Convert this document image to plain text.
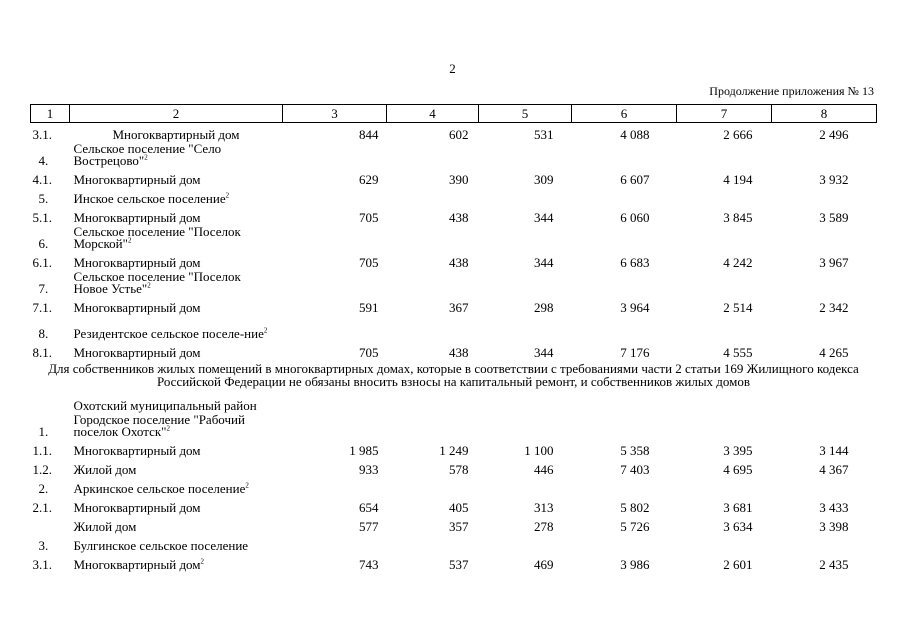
2
Продолжение приложения № 13
1	2	3	4	5	6	7	8
3.1.	Многоквартирный дом	844	602	531	4 088	2 666	2 496
4.	Сельское поселение "Село Вострецово"$^2$						
4.1.	Многоквартирный дом	629	390	309	6 607	4 194	3 932
5.	Инское сельское поселение$^2$						
5.1.	Многоквартирный дом	705	438	344	6 060	3 845	3 589
6.	Сельское поселение "Поселок Морской"$^2$						
6.1.	Многоквартирный дом	705	438	344	6 683	4 242	3 967
7.	Сельское поселение "Поселок Новое Устье"$^2$						
7.1.	Многоквартирный дом	591	367	298	3 964	2 514	2 342
8.	Резидентское сельское поселе-ние$^2$						
8.1.	Многоквартирный дом	705	438	344	7 176	4 555	4 265
Для собственников жилых помещений в многоквартирных домах, которые в соответствии с требованиями части 2 статьи 169 Жилищного кодекса Российской Федерации не обязаны вносить взносы на капитальный ремонт, и собственников жилых домов							
	Охотский муниципальный район						
1.	Городское поселение "Рабочий поселок Охотск"$^2$						
1.1.	Многоквартирный дом	1 985	1 249	1 100	5 358	3 395	3 144
1.2.	Жилой дом	933	578	446	7 403	4 695	4 367
2.	Аркинское сельское поселение$^2$						
2.1.	Многоквартирный дом	654	405	313	5 802	3 681	3 433
	Жилой дом	577	357	278	5 726	3 634	3 398
3.	Булгинское сельское поселение						
3.1.	Многоквартирный дом$^2$	743	537	469	3 986	2 601	2 435
